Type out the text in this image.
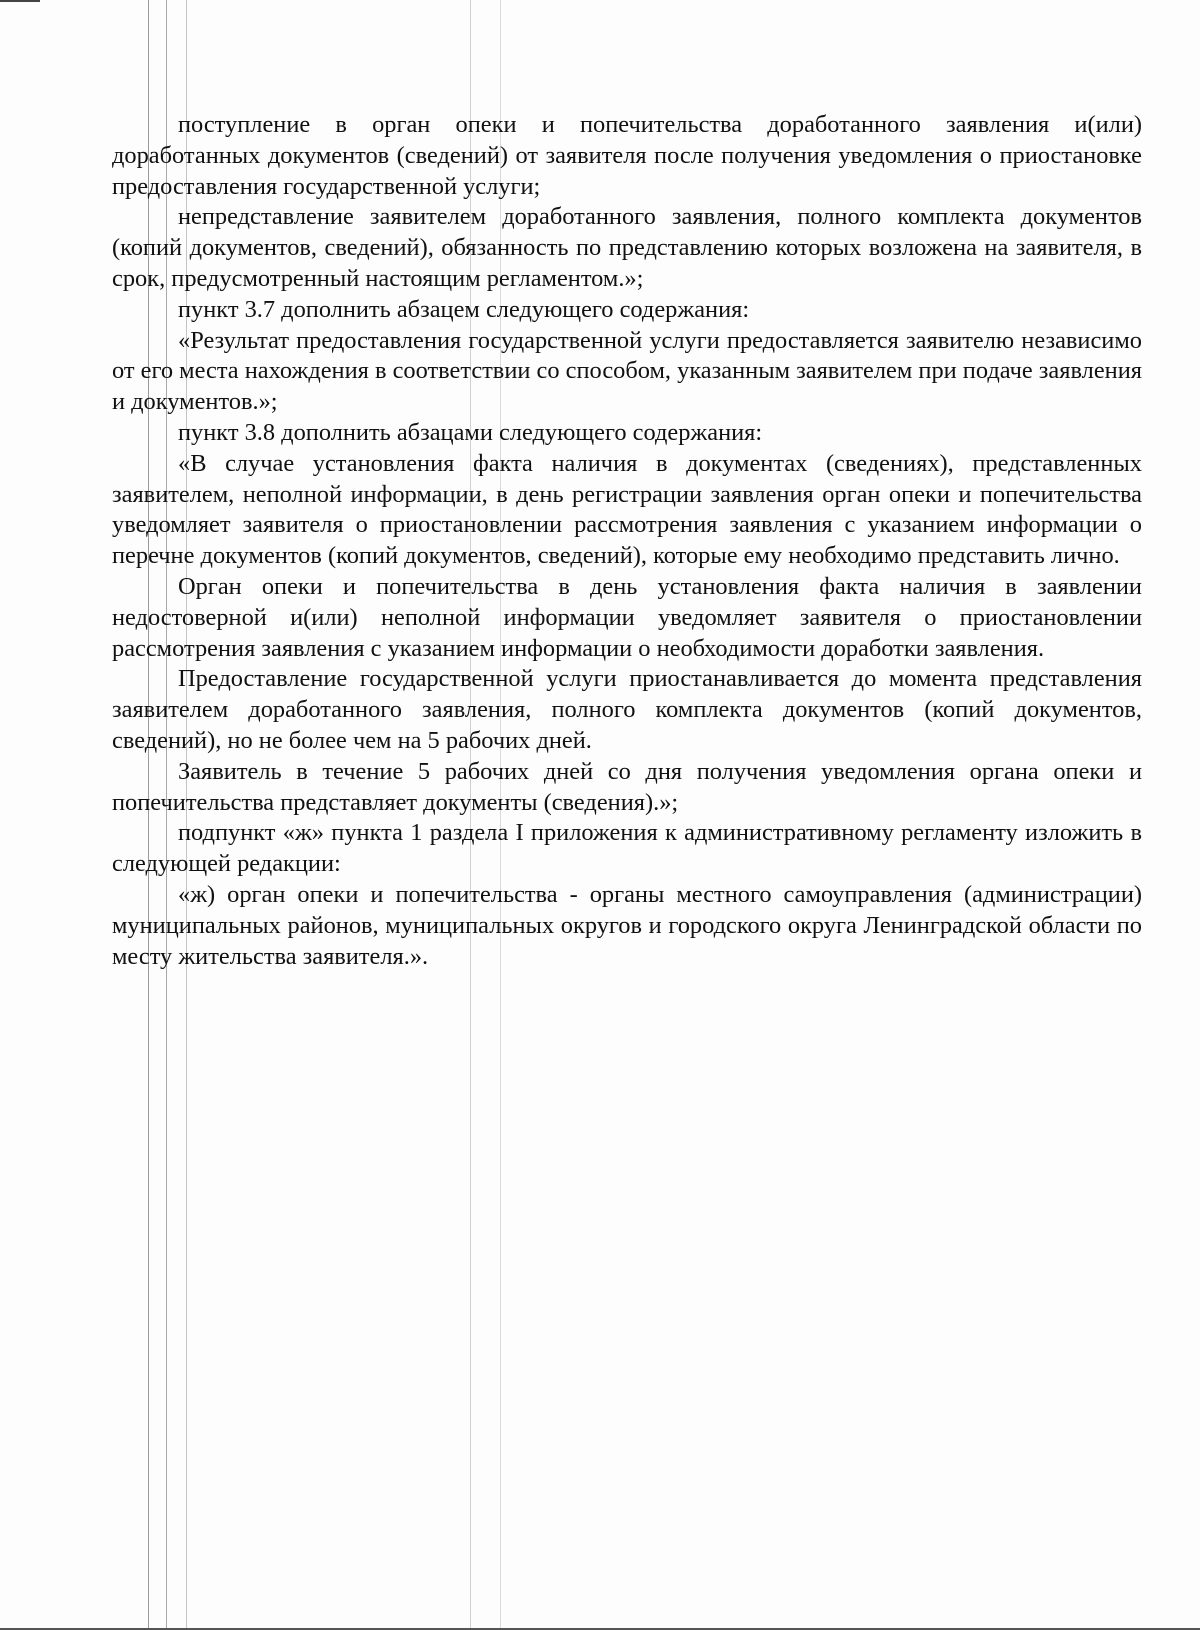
поступление в орган опеки и попечительства доработанного заявления и(или) доработанных документов (сведений) от заявителя после получения уведомления о приостановке предоставления государственной услуги;

непредставление заявителем доработанного заявления, полного комплекта документов (копий документов, сведений), обязанность по представлению которых возложена на заявителя, в срок, предусмотренный настоящим регламентом.»;

пункт 3.7 дополнить абзацем следующего содержания:

«Результат предоставления государственной услуги предоставляется заявителю независимо от его места нахождения в соответствии со способом, указанным заявителем при подаче заявления и документов.»;

пункт 3.8 дополнить абзацами следующего содержания:

«В случае установления факта наличия в документах (сведениях), представленных заявителем, неполной информации, в день регистрации заявления орган опеки и попечительства уведомляет заявителя о приостановлении рассмотрения заявления с указанием информации о перечне документов (копий документов, сведений), которые ему необходимо представить лично.

Орган опеки и попечительства в день установления факта наличия в заявлении недостоверной и(или) неполной информации уведомляет заявителя о приостановлении рассмотрения заявления с указанием информации о необходимости доработки заявления.

Предоставление государственной услуги приостанавливается до момента представления заявителем доработанного заявления, полного комплекта документов (копий документов, сведений), но не более чем на 5 рабочих дней.

Заявитель в течение 5 рабочих дней со дня получения уведомления органа опеки и попечительства представляет документы (сведения).»;

подпункт «ж» пункта 1 раздела I приложения к административному регламенту изложить в следующей редакции:

«ж) орган опеки и попечительства - органы местного самоуправления (администрации) муниципальных районов, муниципальных округов и городского округа Ленинградской области по месту жительства заявителя.».
